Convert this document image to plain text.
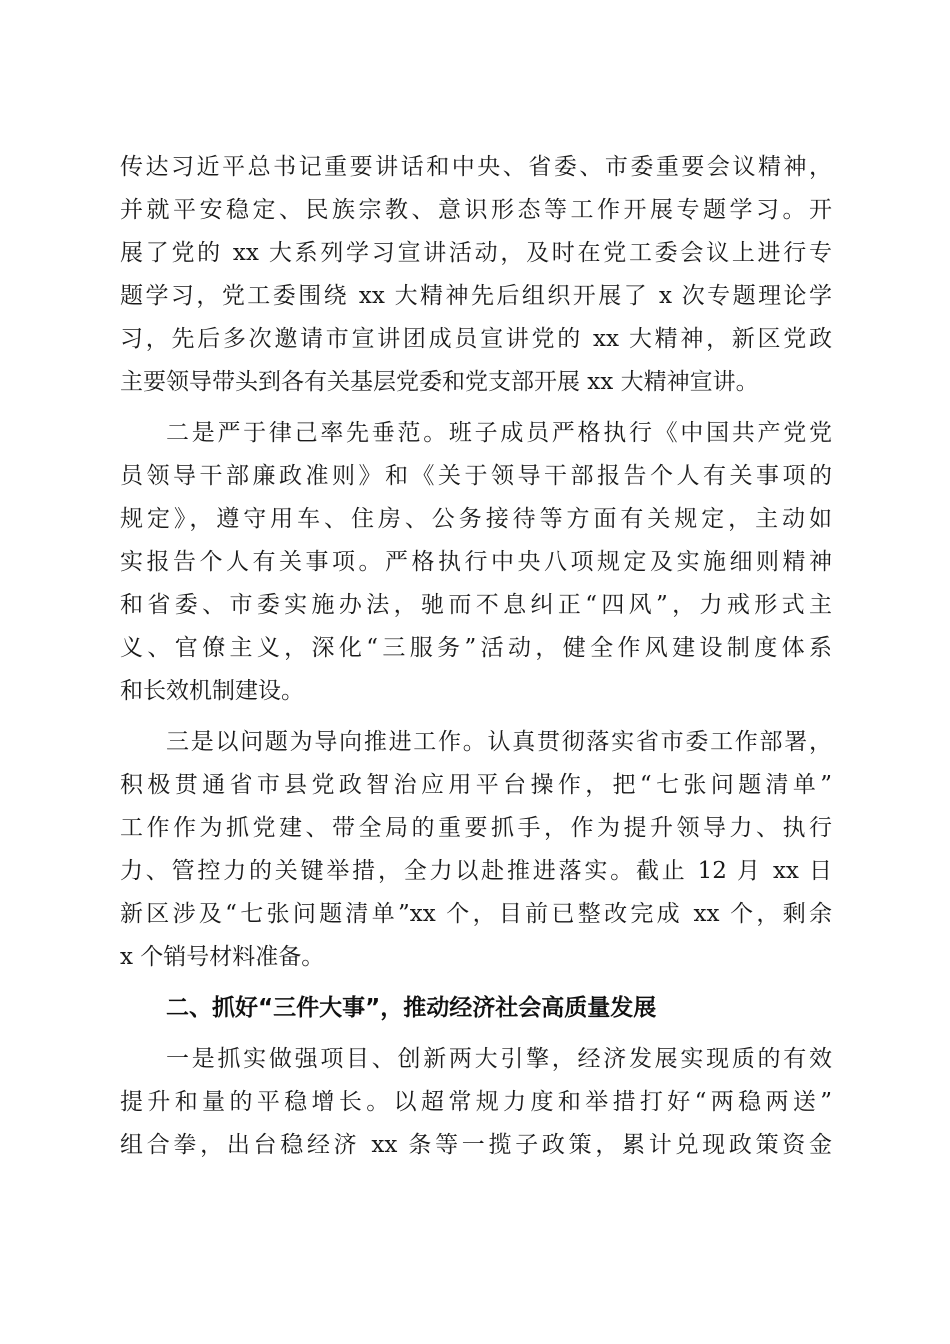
传达习近平总书记重要讲话和中央、省委、市委重要会议精神，
并就平安稳定、民族宗教、意识形态等工作开展专题学习。开
展了党的 xx 大系列学习宣讲活动，及时在党工委会议上进行专
题学习，党工委围绕 xx 大精神先后组织开展了 x 次专题理论学
习，先后多次邀请市宣讲团成员宣讲党的 xx 大精神，新区党政
主要领导带头到各有关基层党委和党支部开展 xx 大精神宣讲。
二是严于律己率先垂范。班子成员严格执行《中国共产党党
员领导干部廉政准则》和《关于领导干部报告个人有关事项的
规定》，遵守用车、住房、公务接待等方面有关规定，主动如
实报告个人有关事项。严格执行中央八项规定及实施细则精神
和省委、市委实施办法，驰而不息纠正“四风”，力戒形式主
义、官僚主义，深化“三服务”活动，健全作风建设制度体系
和长效机制建设。
三是以问题为导向推进工作。认真贯彻落实省市委工作部署，
积极贯通省市县党政智治应用平台操作，把“七张问题清单”
工作作为抓党建、带全局的重要抓手，作为提升领导力、执行
力、管控力的关键举措，全力以赴推进落实。截止 12 月 xx 日
新区涉及“七张问题清单”xx 个，目前已整改完成 xx 个，剩余
x 个销号材料准备。
二、抓好“三件大事”，推动经济社会高质量发展
一是抓实做强项目、创新两大引擎，经济发展实现质的有效
提升和量的平稳增长。以超常规力度和举措打好“两稳两送”
组合拳，出台稳经济 xx 条等一揽子政策，累计兑现政策资金
